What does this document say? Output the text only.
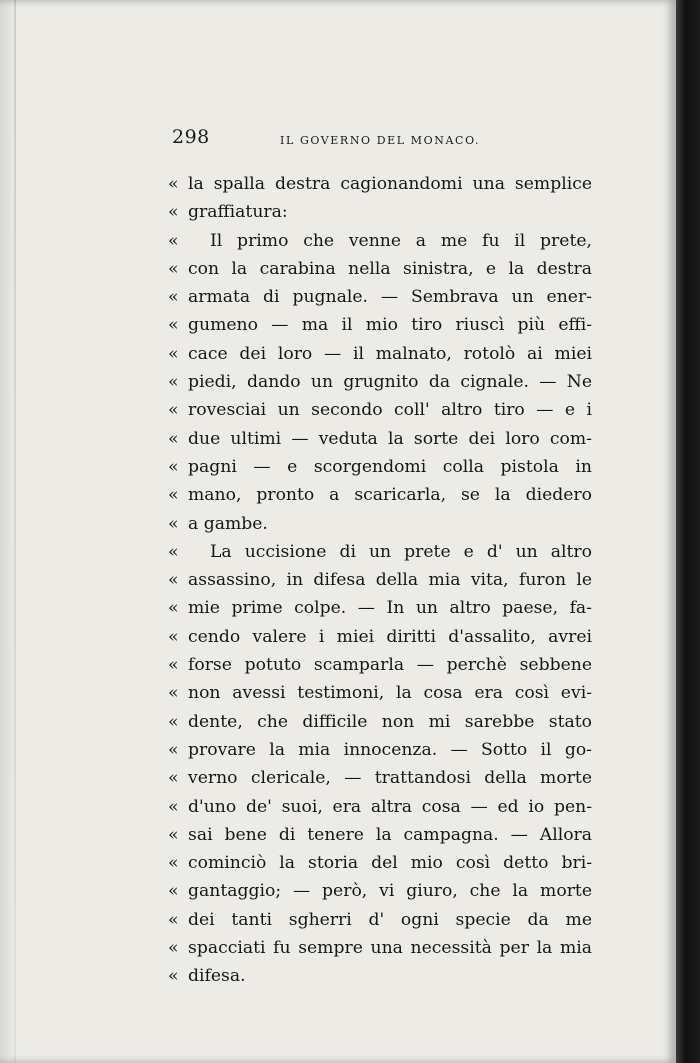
298	IL GOVERNO DEL MONACO.
« la spalla destra cagionandomi una semplice
« graffiatura:
«	Il primo che venne a me fu il prete,
« con la carabina nella sinistra, e la destra
« armata di pugnale. — Sembrava un ener-
« gumeno — ma il mio tiro riuscì più effi-
« cace dei loro — il malnato, rotolò ai miei
« piedi, dando un grugnito da cignale. — Ne
« rovesciai un secondo coll' altro tiro — e i
« due ultimi — veduta la sorte dei loro com-
« pagni — e scorgendomi colla pistola in
« mano, pronto a scaricarla, se la diedero
« a gambe.
«	La uccisione di un prete e d' un altro
« assassino, in difesa della mia vita, furon le
« mie prime colpe. — In un altro paese, fa-
« cendo valere i miei diritti d'assalito, avrei
« forse potuto scamparla — perchè sebbene
« non avessi testimoni, la cosa era così evi-
« dente, che difficile non mi sarebbe stato
« provare la mia innocenza. — Sotto il go-
« verno clericale, — trattandosi della morte
« d'uno de' suoi, era altra cosa — ed io pen-
« sai bene di tenere la campagna. — Allora
« cominciò la storia del mio così detto bri-
« gantaggio; — però, vi giuro, che la morte
« dei tanti sgherri d' ogni specie da me
« spacciati fu sempre una necessità per la mia
« difesa.
